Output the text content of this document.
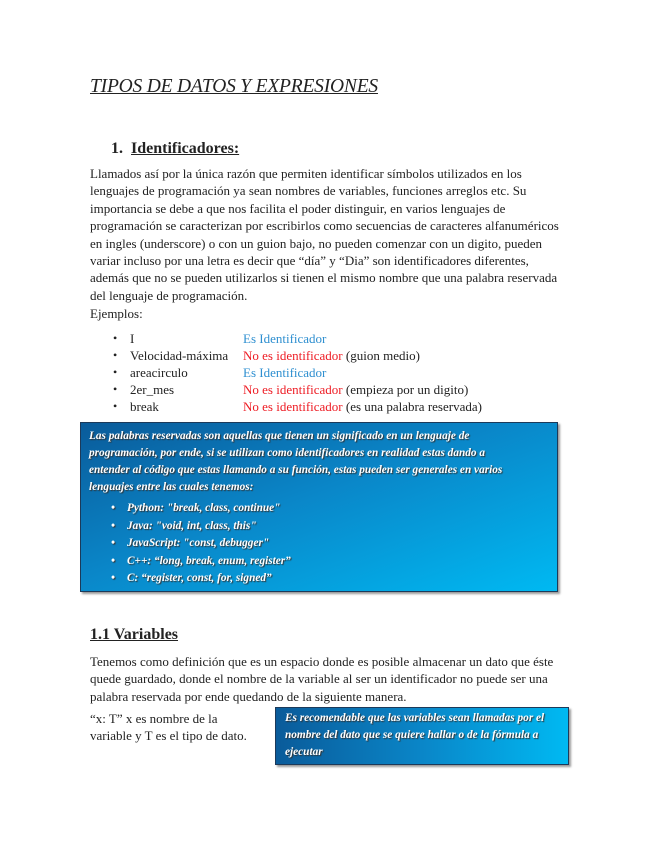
TIPOS DE DATOS Y EXPRESIONES
1. Identificadores:
Llamados así por la única razón que permiten identificar símbolos utilizados en los
lenguajes de programación ya sean nombres de variables, funciones arreglos etc. Su
importancia se debe a que nos facilita el poder distinguir, en varios lenguajes de
programación se caracterizan por escribirlos como secuencias de caracteres alfanuméricos
en ingles (underscore) o con un guion bajo, no pueden comenzar con un digito, pueden
variar incluso por una letra es decir que “día” y “Dia” son identificadores diferentes,
además que no se pueden utilizarlos si tienen el mismo nombre que una palabra reservada
del lenguaje de programación.
Ejemplos:
• I	Es Identificador
• Velocidad-máxima No es identificador (guion medio)
• areacirculo	Es Identificador
• 2er_mes	No es identificador (empieza por un digito)
• break	No es identificador (es una palabra reservada)
Las palabras reservadas son aquellas que tienen un significado en un lenguaje de
programación, por ende, si se utilizan como identificadores en realidad estas dando a
entender al código que estas llamando a su función, estas pueden ser generales en varios
lenguajes entre las cuales tenemos:
• Python: "break, class, continue"
• Java: "void, int, class, this"
• JavaScript: "const, debugger"
• C++: “long, break, enum, register”
• C: “register, const, for, signed”
1.1 Variables
Tenemos como definición que es un espacio donde es posible almacenar un dato que éste
quede guardado, donde el nombre de la variable al ser un identificador no puede ser una
palabra reservada por ende quedando de la siguiente manera.
“x: T” x es nombre de la
variable y T es el tipo de dato.
Es recomendable que las variables sean llamadas por el
nombre del dato que se quiere hallar o de la fórmula a
ejecutar
